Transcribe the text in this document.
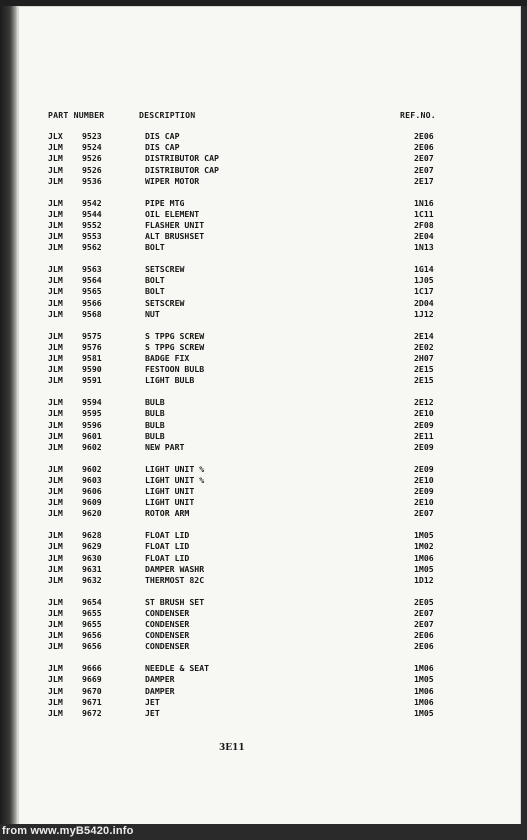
PART NUMBER	DESCRIPTION	REF.NO.
JLX 9523	DIS CAP	2E06
JLM 9524	DIS CAP	2E06
JLM 9526	DISTRIBUTOR CAP	2E07
JLM 9526	DISTRIBUTOR CAP	2E07
JLM 9536	WIPER MOTOR	2E17
JLM 9542	PIPE MTG	1N16
JLM 9544	OIL ELEMENT	1C11
JLM 9552	FLASHER UNIT	2F08
JLM 9553	ALT BRUSHSET	2E04
JLM 9562	BOLT	1N13
JLM 9563	SETSCREW	1G14
JLM 9564	BOLT	1J05
JLM 9565	BOLT	1C17
JLM 9566	SETSCREW	2D04
JLM 9568	NUT	1J12
JLM 9575	S TPPG SCREW	2E14
JLM 9576	S TPPG SCREW	2E02
JLM 9581	BADGE FIX	2H07
JLM 9590	FESTOON BULB	2E15
JLM 9591	LIGHT BULB	2E15
JLM 9594	BULB	2E12
JLM 9595	BULB	2E10
JLM 9596	BULB	2E09
JLM 9601	BULB	2E11
JLM 9602	NEW PART	2E09
JLM 9602	LIGHT UNIT %	2E09
JLM 9603	LIGHT UNIT %	2E10
JLM 9606	LIGHT UNIT	2E09
JLM 9609	LIGHT UNIT	2E10
JLM 9620	ROTOR ARM	2E07
JLM 9628	FLOAT LID	1M05
JLM 9629	FLOAT LID	1M02
JLM 9630	FLOAT LID	1M06
JLM 9631	DAMPER WASHR	1M05
JLM 9632	THERMOST 82C	1D12
JLM 9654	ST BRUSH SET	2E05
JLM 9655	CONDENSER	2E07
JLM 9655	CONDENSER	2E07
JLM 9656	CONDENSER	2E06
JLM 9656	CONDENSER	2E06
JLM 9666	NEEDLE & SEAT	1M06
JLM 9669	DAMPER	1M05
JLM 9670	DAMPER	1M06
JLM 9671	JET	1M06
JLM 9672	JET	1M05
3E11
from www.myB5420.info
